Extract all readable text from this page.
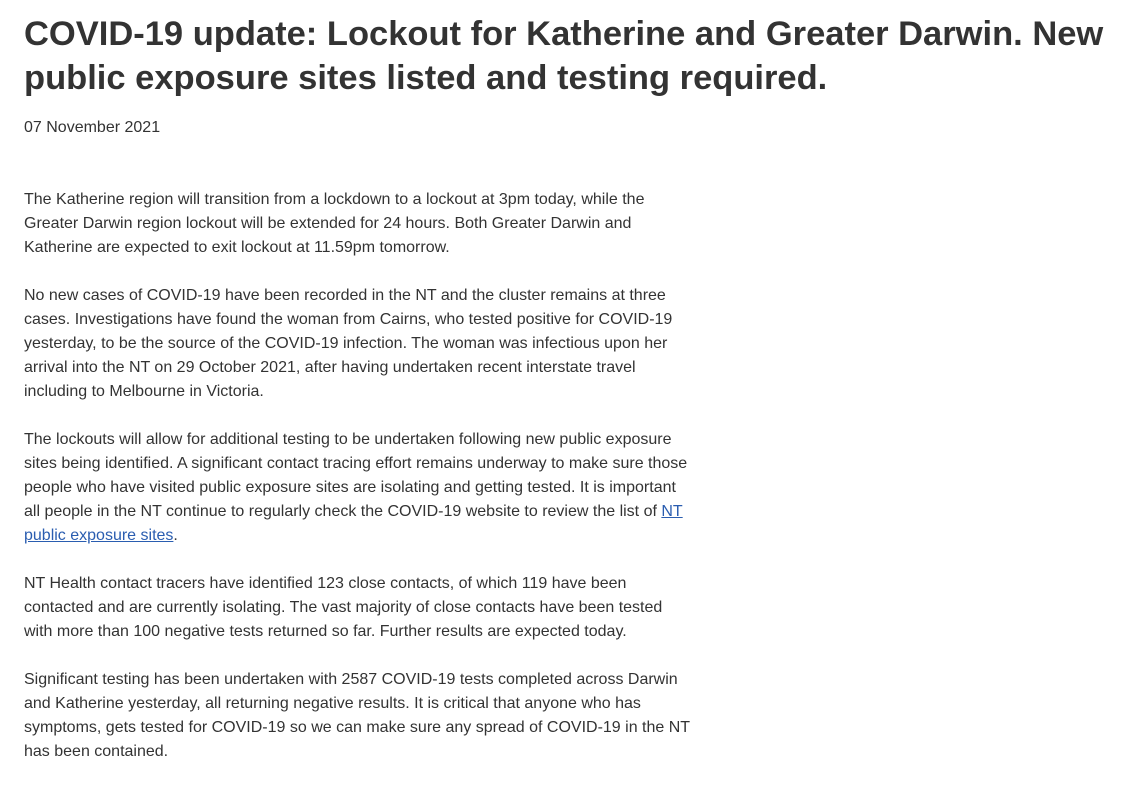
COVID-19 update: Lockout for Katherine and Greater Darwin. New public exposure sites listed and testing required.
07 November 2021

The Katherine region will transition from a lockdown to a lockout at 3pm today, while the Greater Darwin region lockout will be extended for 24 hours. Both Greater Darwin and Katherine are expected to exit lockout at 11.59pm tomorrow.

No new cases of COVID-19 have been recorded in the NT and the cluster remains at three cases. Investigations have found the woman from Cairns, who tested positive for COVID-19 yesterday, to be the source of the COVID-19 infection. The woman was infectious upon her arrival into the NT on 29 October 2021, after having undertaken recent interstate travel including to Melbourne in Victoria.

The lockouts will allow for additional testing to be undertaken following new public exposure sites being identified. A significant contact tracing effort remains underway to make sure those people who have visited public exposure sites are isolating and getting tested. It is important all people in the NT continue to regularly check the COVID-19 website to review the list of NT public exposure sites.

NT Health contact tracers have identified 123 close contacts, of which 119 have been contacted and are currently isolating. The vast majority of close contacts have been tested with more than 100 negative tests returned so far. Further results are expected today.

Significant testing has been undertaken with 2587 COVID-19 tests completed across Darwin and Katherine yesterday, all returning negative results. It is critical that anyone who has symptoms, gets tested for COVID-19 so we can make sure any spread of COVID-19 in the NT has been contained.
